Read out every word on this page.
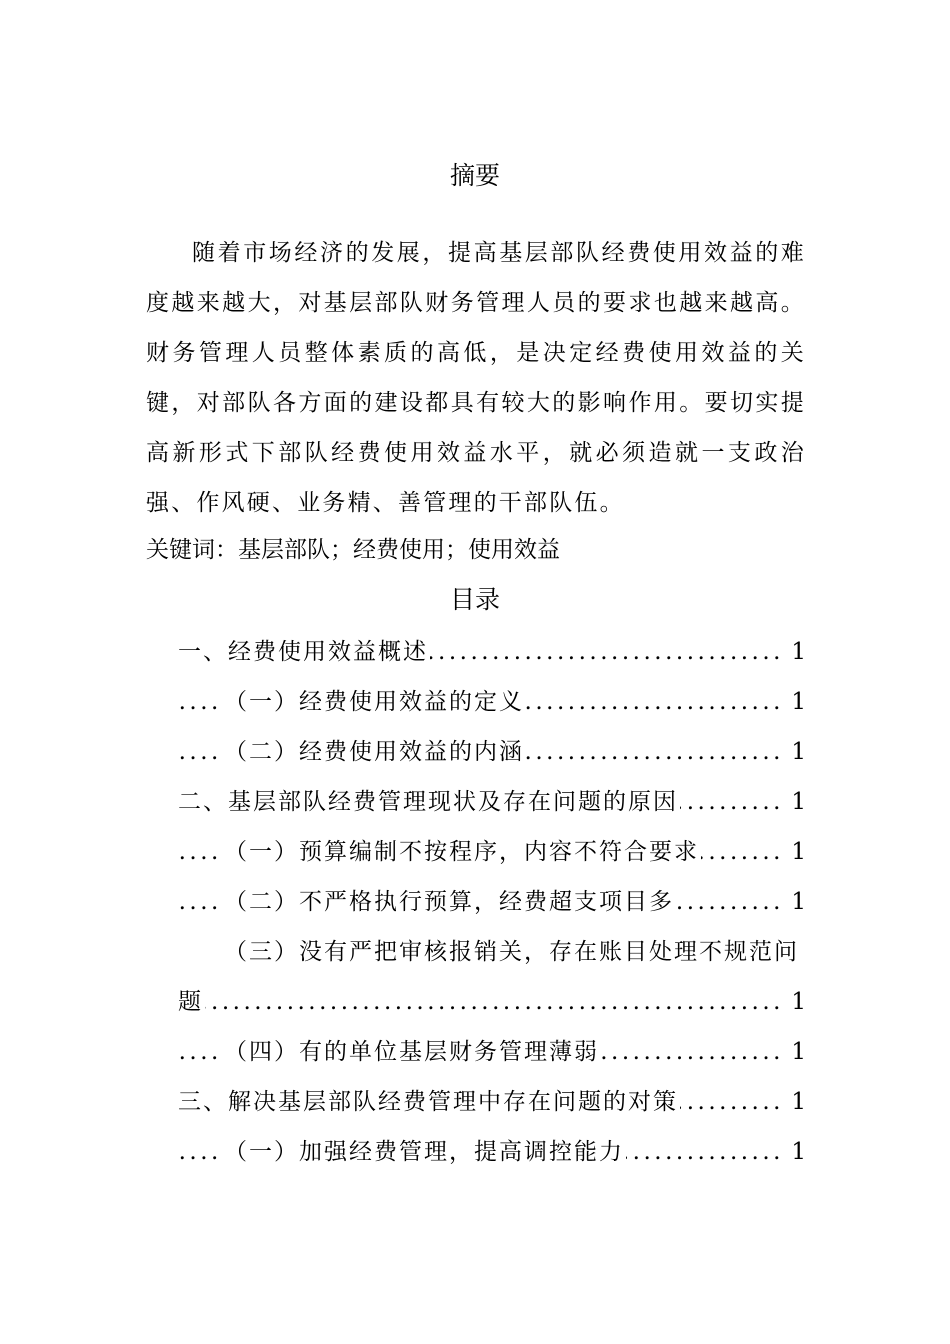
摘要

随着市场经济的发展，提高基层部队经费使用效益的难度越来越大，对基层部队财务管理人员的要求也越来越高。财务管理人员整体素质的高低，是决定经费使用效益的关键，对部队各方面的建设都具有较大的影响作用。要切实提高新形式下部队经费使用效益水平，就必须造就一支政治强、作风硬、业务精、善管理的干部队伍。

关键词：基层部队；经费使用；使用效益

目录
.....
一、经费使用效益概述	1
.....
（一）经费使用效益的定义	1
.....
（二）经费使用效益的内涵	1
.....
二、基层部队经费管理现状及存在问题的原因	1
.....
（一）预算编制不按程序，内容不符合要求	1
.....
（二）不严格执行预算，经费超支项目多	1
（三）没有严把审核报销关，存在账目处理不规范问
.....
题	1
.....
（四）有的单位基层财务管理薄弱	1
.....
三、解决基层部队经费管理中存在问题的对策	1
.....
（一）加强经费管理，提高调控能力	1
